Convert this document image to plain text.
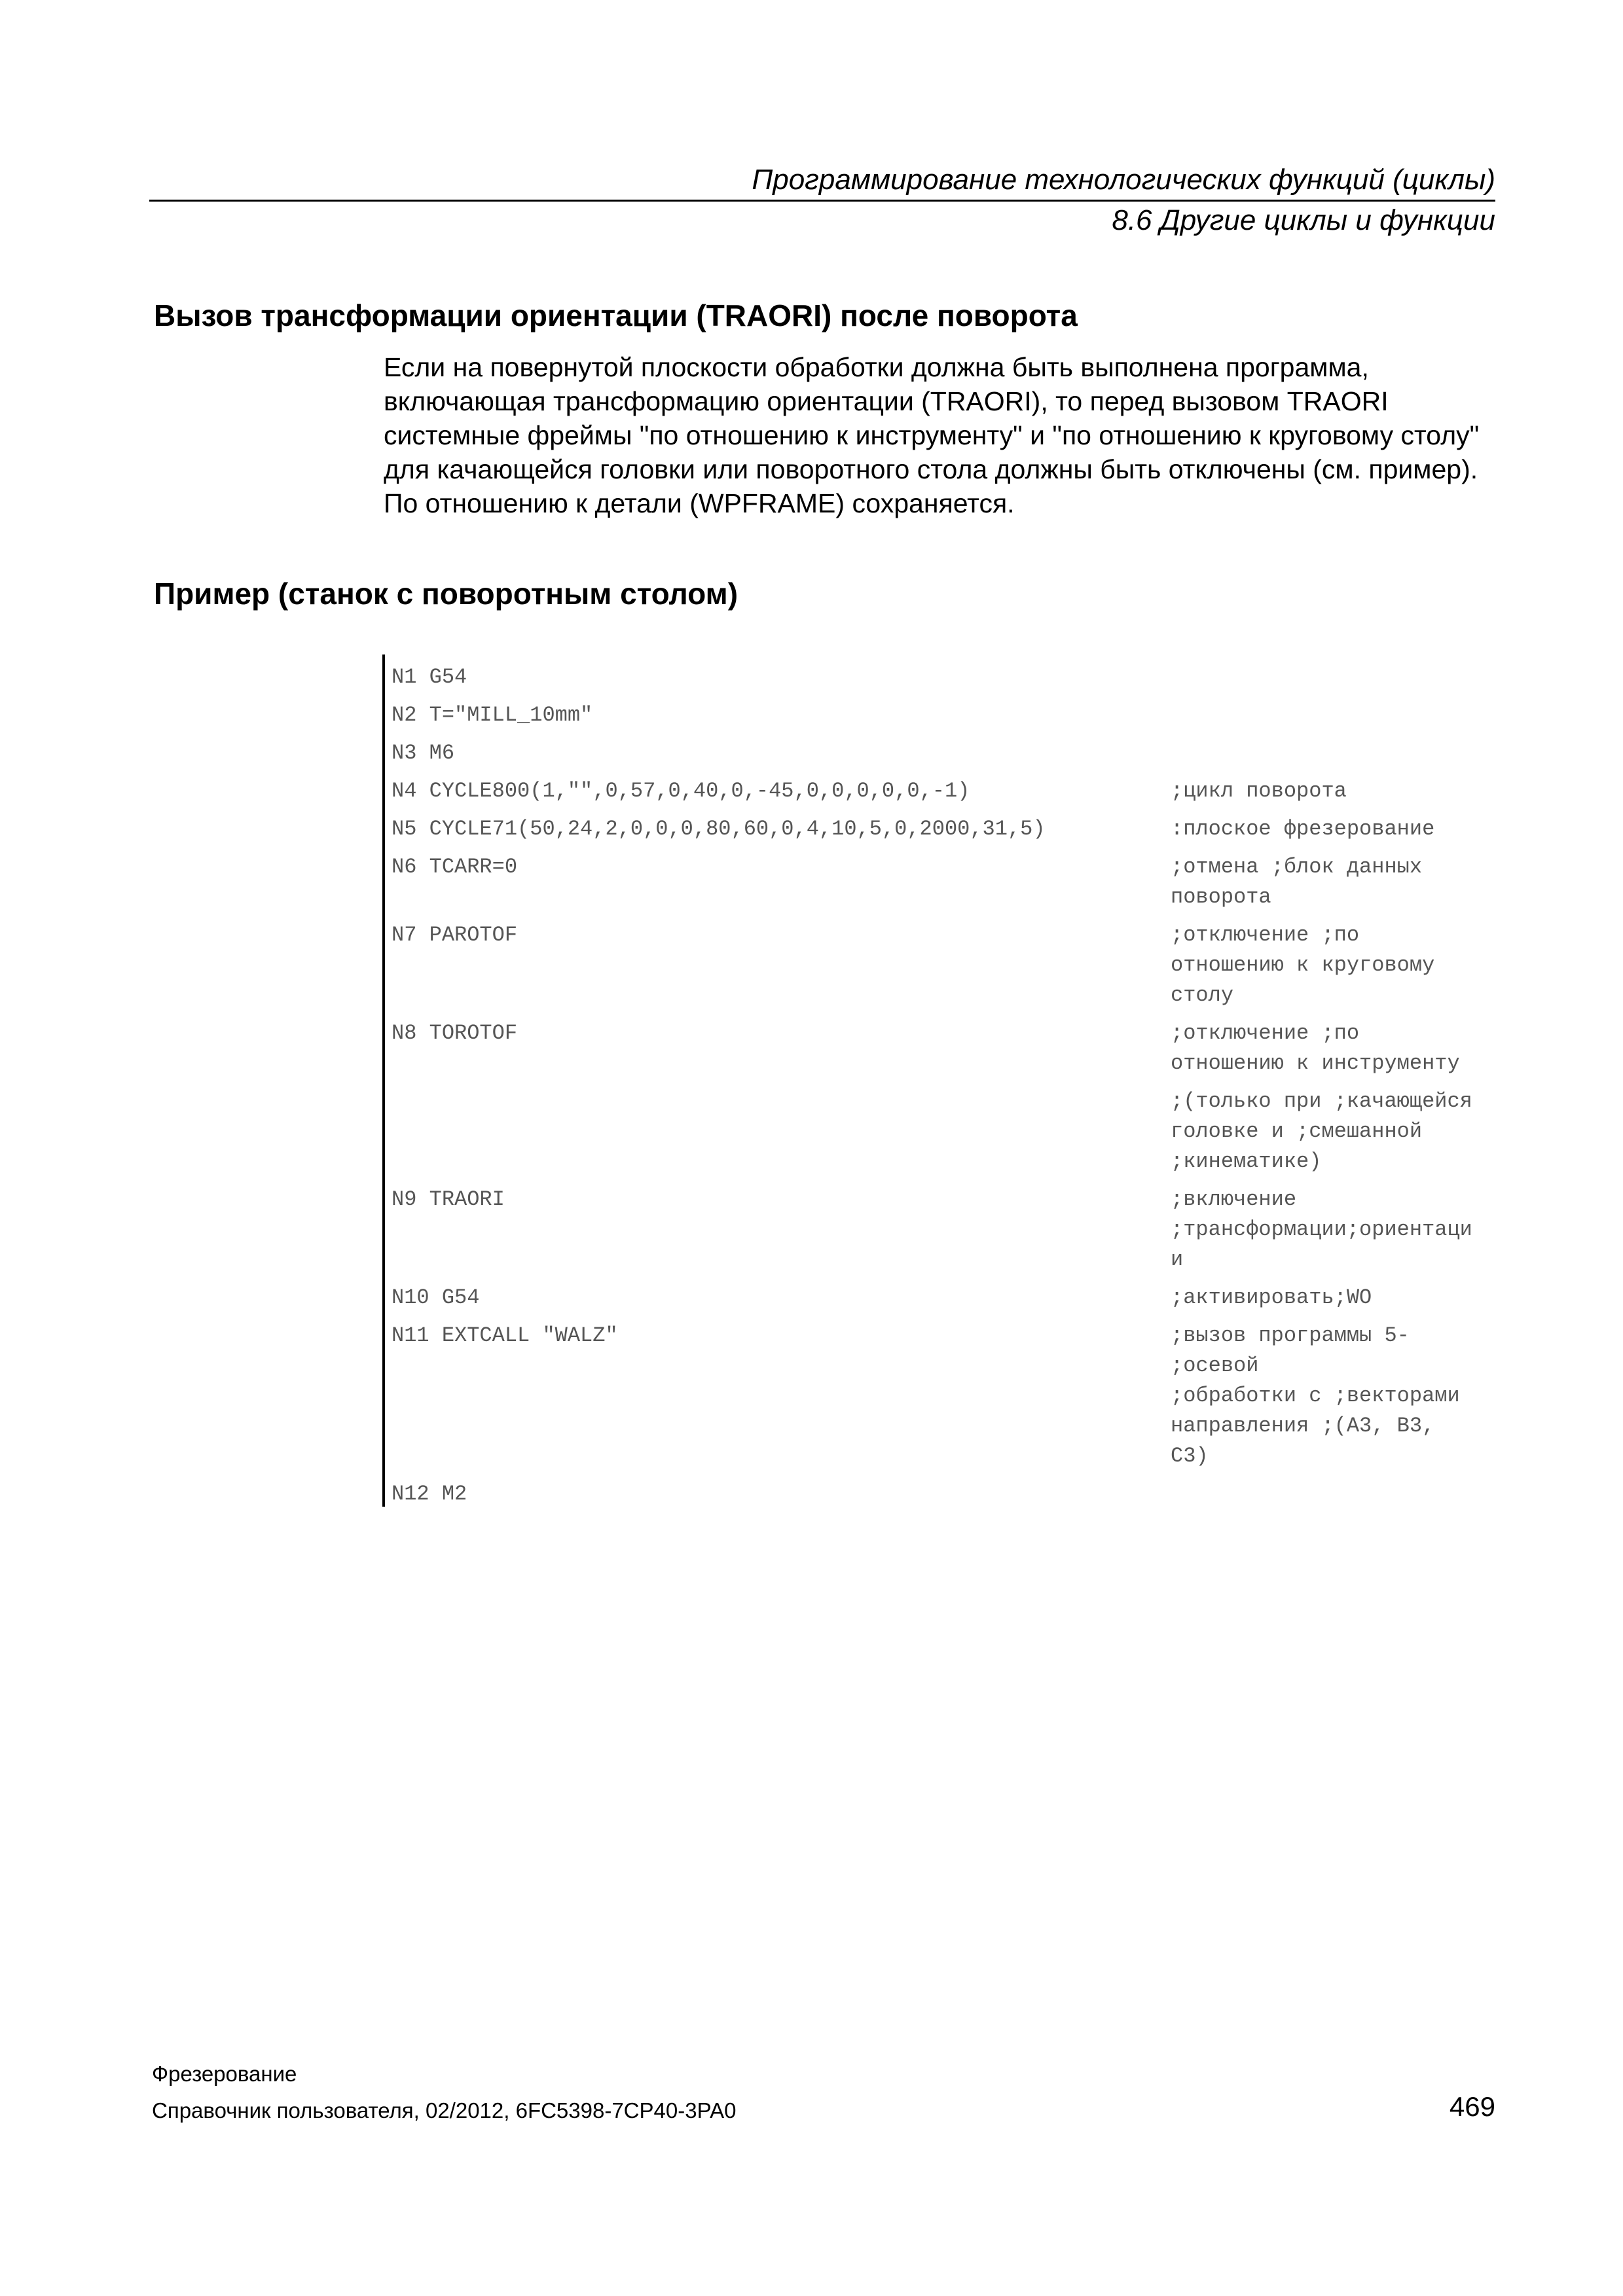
Программирование технологических функций (циклы)
8.6 Другие циклы и функции
Вызов трансформации ориентации (TRAORI) после поворота
Если на повернутой плоскости обработки должна быть выполнена программа,
включающая трансформацию ориентации (TRAORI), то перед вызовом TRAORI
системные фреймы "по отношению к инструменту" и "по отношению к круговому столу"
для качающейся головки или поворотного стола должны быть отключены (см. пример).
По отношению к детали (WPFRAME) сохраняется.
Пример (станок с поворотным столом)
N1 G54
N2 T="MILL_10mm"
N3 M6
N4 CYCLE800(1,"",0,57,0,40,0,-45,0,0,0,0,0,-1)	;цикл поворота
N5 CYCLE71(50,24,2,0,0,0,80,60,0,4,10,5,0,2000,31,5)	:плоское фрезерование
N6 TCARR=0	;отмена ;блок данных
поворота
N7 PAROTOF	;отключение ;по
отношению к круговому
столу
N8 TOROTOF	;отключение ;по
отношению к инструменту
;(только при ;качающейся
головке и ;смешанной
;кинематике)
N9 TRAORI	;включение
;трансформации;ориентаци
и
N10 G54	;активировать;WO
N11 EXTCALL "WALZ"	;вызов программы 5-
;осевой
;обработки с ;векторами
направления ;(A3, B3,
C3)
N12 M2
Фрезерование
Справочник пользователя, 02/2012, 6FC5398-7CP40-3PA0	469
